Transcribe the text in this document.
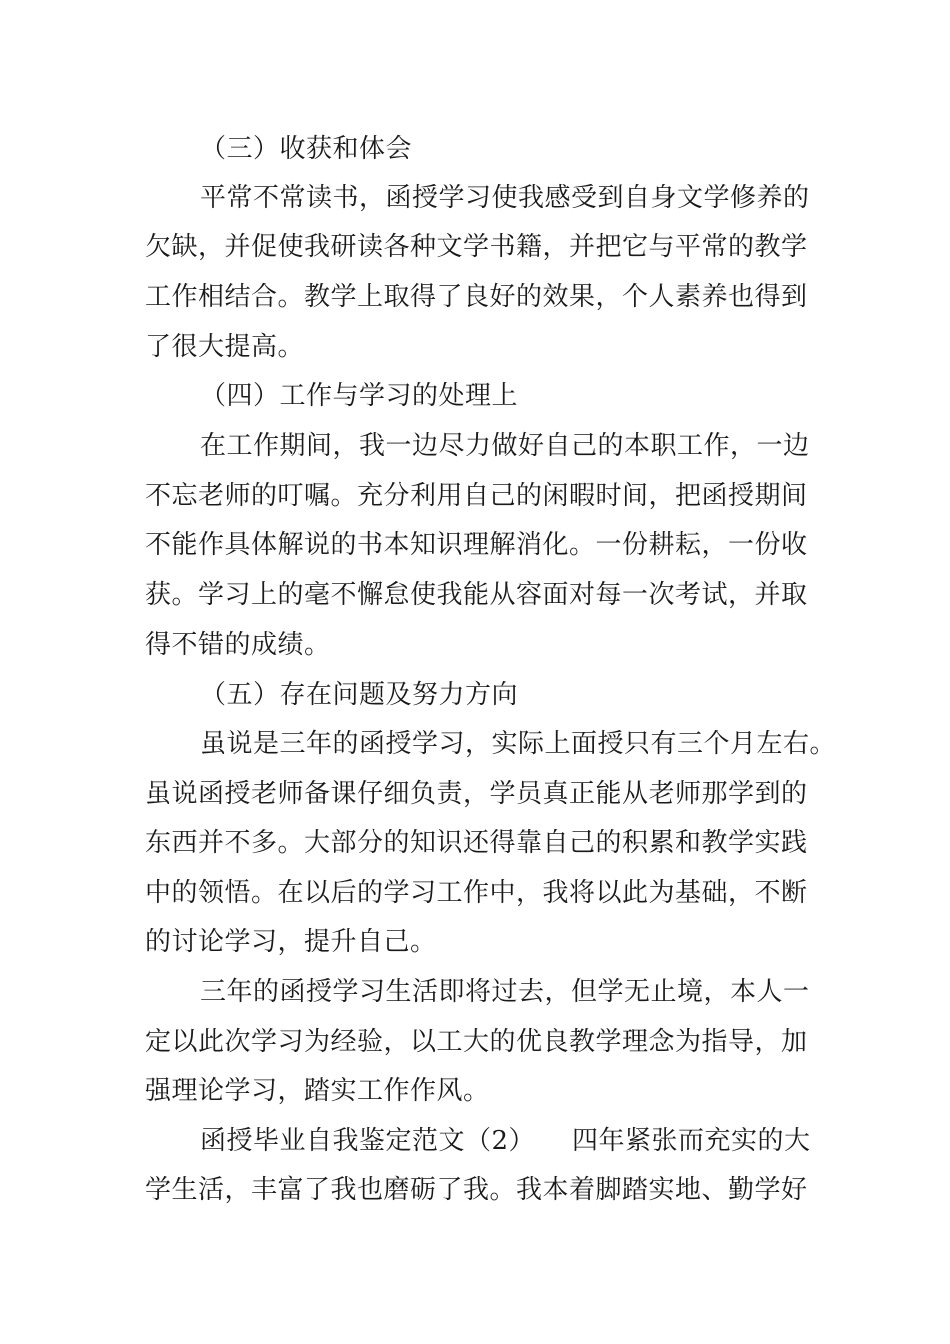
（三）收获和体会
平常不常读书，函授学习使我感受到自身文学修养的
欠缺，并促使我研读各种文学书籍，并把它与平常的教学
工作相结合。教学上取得了良好的效果，个人素养也得到
了很大提高。
（四）工作与学习的处理上
在工作期间，我一边尽力做好自己的本职工作，一边
不忘老师的叮嘱。充分利用自己的闲暇时间，把函授期间
不能作具体解说的书本知识理解消化。一份耕耘，一份收
获。学习上的毫不懈怠使我能从容面对每一次考试，并取
得不错的成绩。
（五）存在问题及努力方向
虽说是三年的函授学习，实际上面授只有三个月左右。
虽说函授老师备课仔细负责，学员真正能从老师那学到的
东西并不多。大部分的知识还得靠自己的积累和教学实践
中的领悟。在以后的学习工作中，我将以此为基础，不断
的讨论学习，提升自己。
三年的函授学习生活即将过去，但学无止境，本人一
定以此次学习为经验，以工大的优良教学理念为指导，加
强理论学习，踏实工作作风。
函授毕业自我鉴定范文（2） 四年紧张而充实的大
学生活，丰富了我也磨砺了我。我本着脚踏实地、勤学好
